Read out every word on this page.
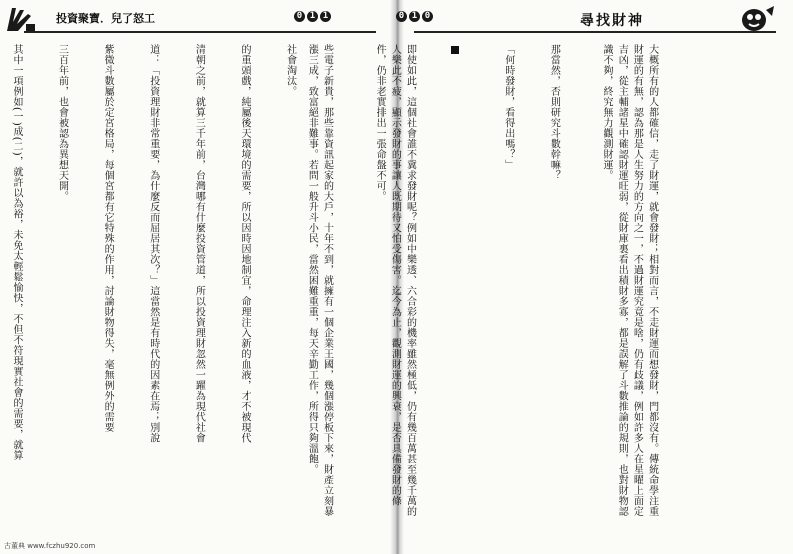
投資聚寶．兒了怒工	0 1 1

社會淘汰。

的重頭戲，純屬後天環境的需要，所以因時因地制宜，命理注入新的血液，才不被現代

清朝之前，就算三千年前，台灣哪有什麼投資管道，所以投資理財忽然一躍為現代社會

道：「投資理財非常重要，為什麼反而屈居其次？」這當然是有時代的因素在焉；別說

紫微斗數屬於定宮格局，每個宮都有它特殊的作用，討論財物得失，毫無例外的需要

三百年前，也會被認為異想天開。

其中一項例如(一)成(二)，就許以為裕，未免太輕鬆愉快，不但不符現實社會的需要，就算

0 1 0	尋找財神

大概所有的人都確信，走了財運，就會發財；相對而言，不走財運而想發財，門都沒有。傳統命學注重財運的有無，認為那是人生努力的方向之一，不過財運究竟是啥，仍有歧議，例如許多人在星曜上面定吉凶，從主輔諸星中確認財運旺弱，從財庫裏看出積財多寡，都是誤解了斗數推論的規則，也對財物認識不夠，終究無力觀測財運。

那當然，否則研究斗數幹嘛？

「何時發財，看得出嗎？」

即使如此，這個社會誰不冀求發財呢？例如中樂透、六合彩的機率雖然極低，仍有幾百萬甚至幾千萬的人樂此不疲，顯示發財的事讓人既期待又怕受傷害。迄今為止，觀測財運的興衰，是否具備發財的條件，仍非老實排出一張命盤不可。

些電子新貴，那些靠資訊起家的大戶，十年不到，就擁有一個企業王國，幾個漲停板下來，財產立刻暴漲三成，致富絕非難事。若問一般升斗小民，當然困難重重，每天辛勤工作，所得只夠溫飽。

古董典 www.fczhu920.com
